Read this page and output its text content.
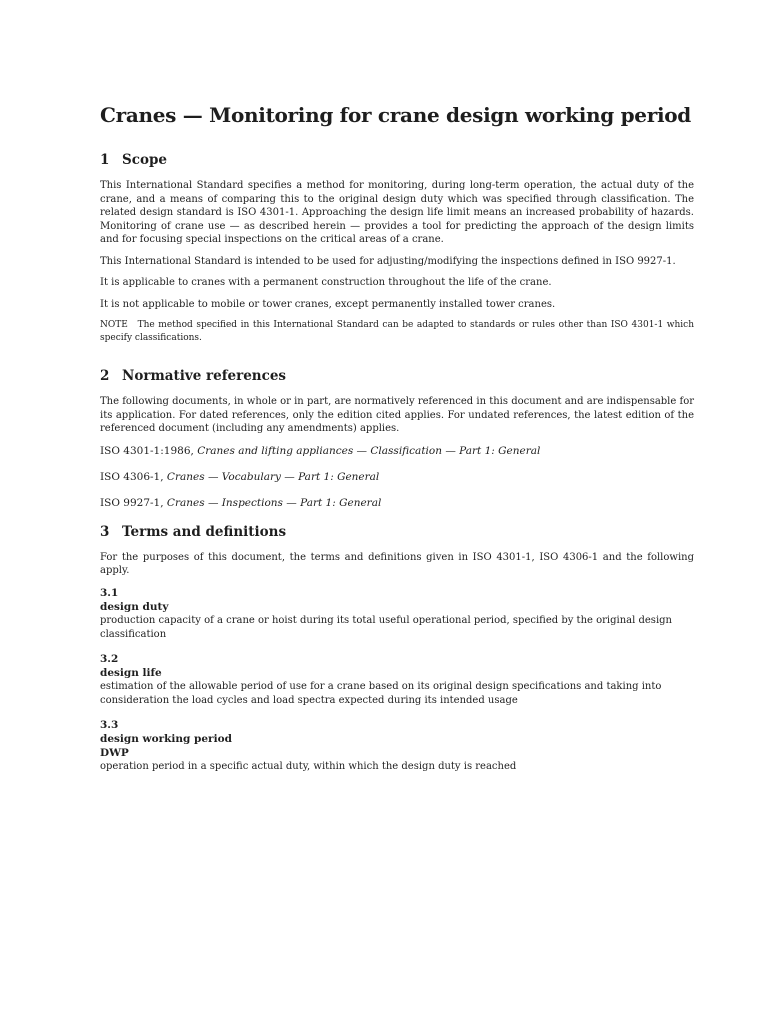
Cranes — Monitoring for crane design working period
1 Scope

This International Standard specifies a method for monitoring, during long-term operation, the actual duty of the crane, and a means of comparing this to the original design duty which was specified through classification. The related design standard is ISO 4301-1. Approaching the design life limit means an increased probability of hazards. Monitoring of crane use — as described herein — provides a tool for predicting the approach of the design limits and for focusing special inspections on the critical areas of a crane.

This International Standard is intended to be used for adjusting/modifying the inspections defined in ISO 9927-1.

It is applicable to cranes with a permanent construction throughout the life of the crane.

It is not applicable to mobile or tower cranes, except permanently installed tower cranes.

NOTE The method specified in this International Standard can be adapted to standards or rules other than ISO 4301-1 which specify classifications.

2 Normative references

The following documents, in whole or in part, are normatively referenced in this document and are indispensable for its application. For dated references, only the edition cited applies. For undated references, the latest edition of the referenced document (including any amendments) applies.

ISO 4301-1:1986, Cranes and lifting appliances — Classification — Part 1: General

ISO 4306-1, Cranes — Vocabulary — Part 1: General

ISO 9927-1, Cranes — Inspections — Part 1: General

3 Terms and definitions

For the purposes of this document, the terms and definitions given in ISO 4301-1, ISO 4306-1 and the following apply.

3.1

design duty

production capacity of a crane or hoist during its total useful operational period, specified by the original design classification

3.2

design life

estimation of the allowable period of use for a crane based on its original design specifications and taking into consideration the load cycles and load spectra expected during its intended usage

3.3

design working period

DWP

operation period in a specific actual duty, within which the design duty is reached
